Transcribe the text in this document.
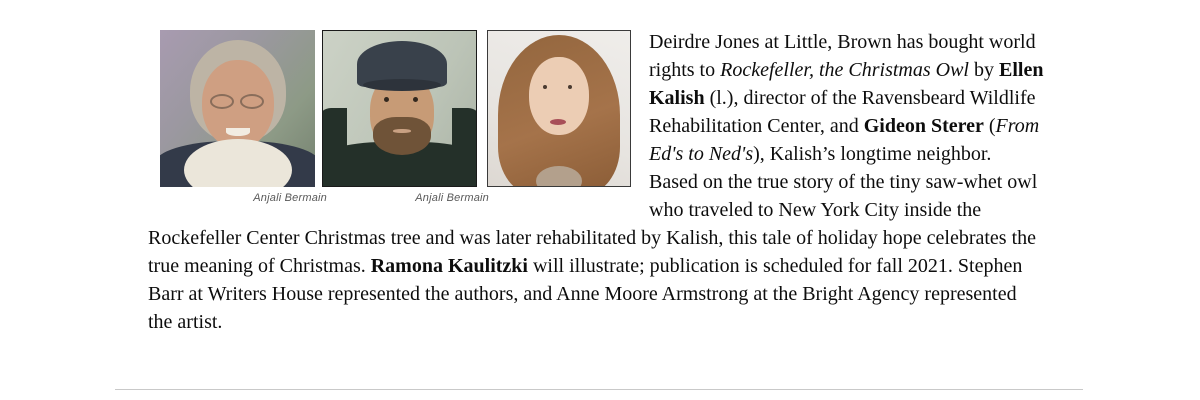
Anjali Bermain	Anjali Bermain

Deirdre Jones at Little, Brown has bought world rights to Rockefeller, the Christmas Owl by Ellen Kalish (l.), director of the Ravensbeard Wildlife Rehabilitation Center, and Gideon Sterer (From Ed's to Ned's), Kalish’s longtime neighbor. Based on the true story of the tiny saw-whet owl who traveled to New York City inside the Rockefeller Center Christmas tree and was later rehabilitated by Kalish, this tale of holiday hope celebrates the true meaning of Christmas. Ramona Kaulitzki will illustrate; publication is scheduled for fall 2021. Stephen Barr at Writers House represented the authors, and Anne Moore Armstrong at the Bright Agency represented the artist.
